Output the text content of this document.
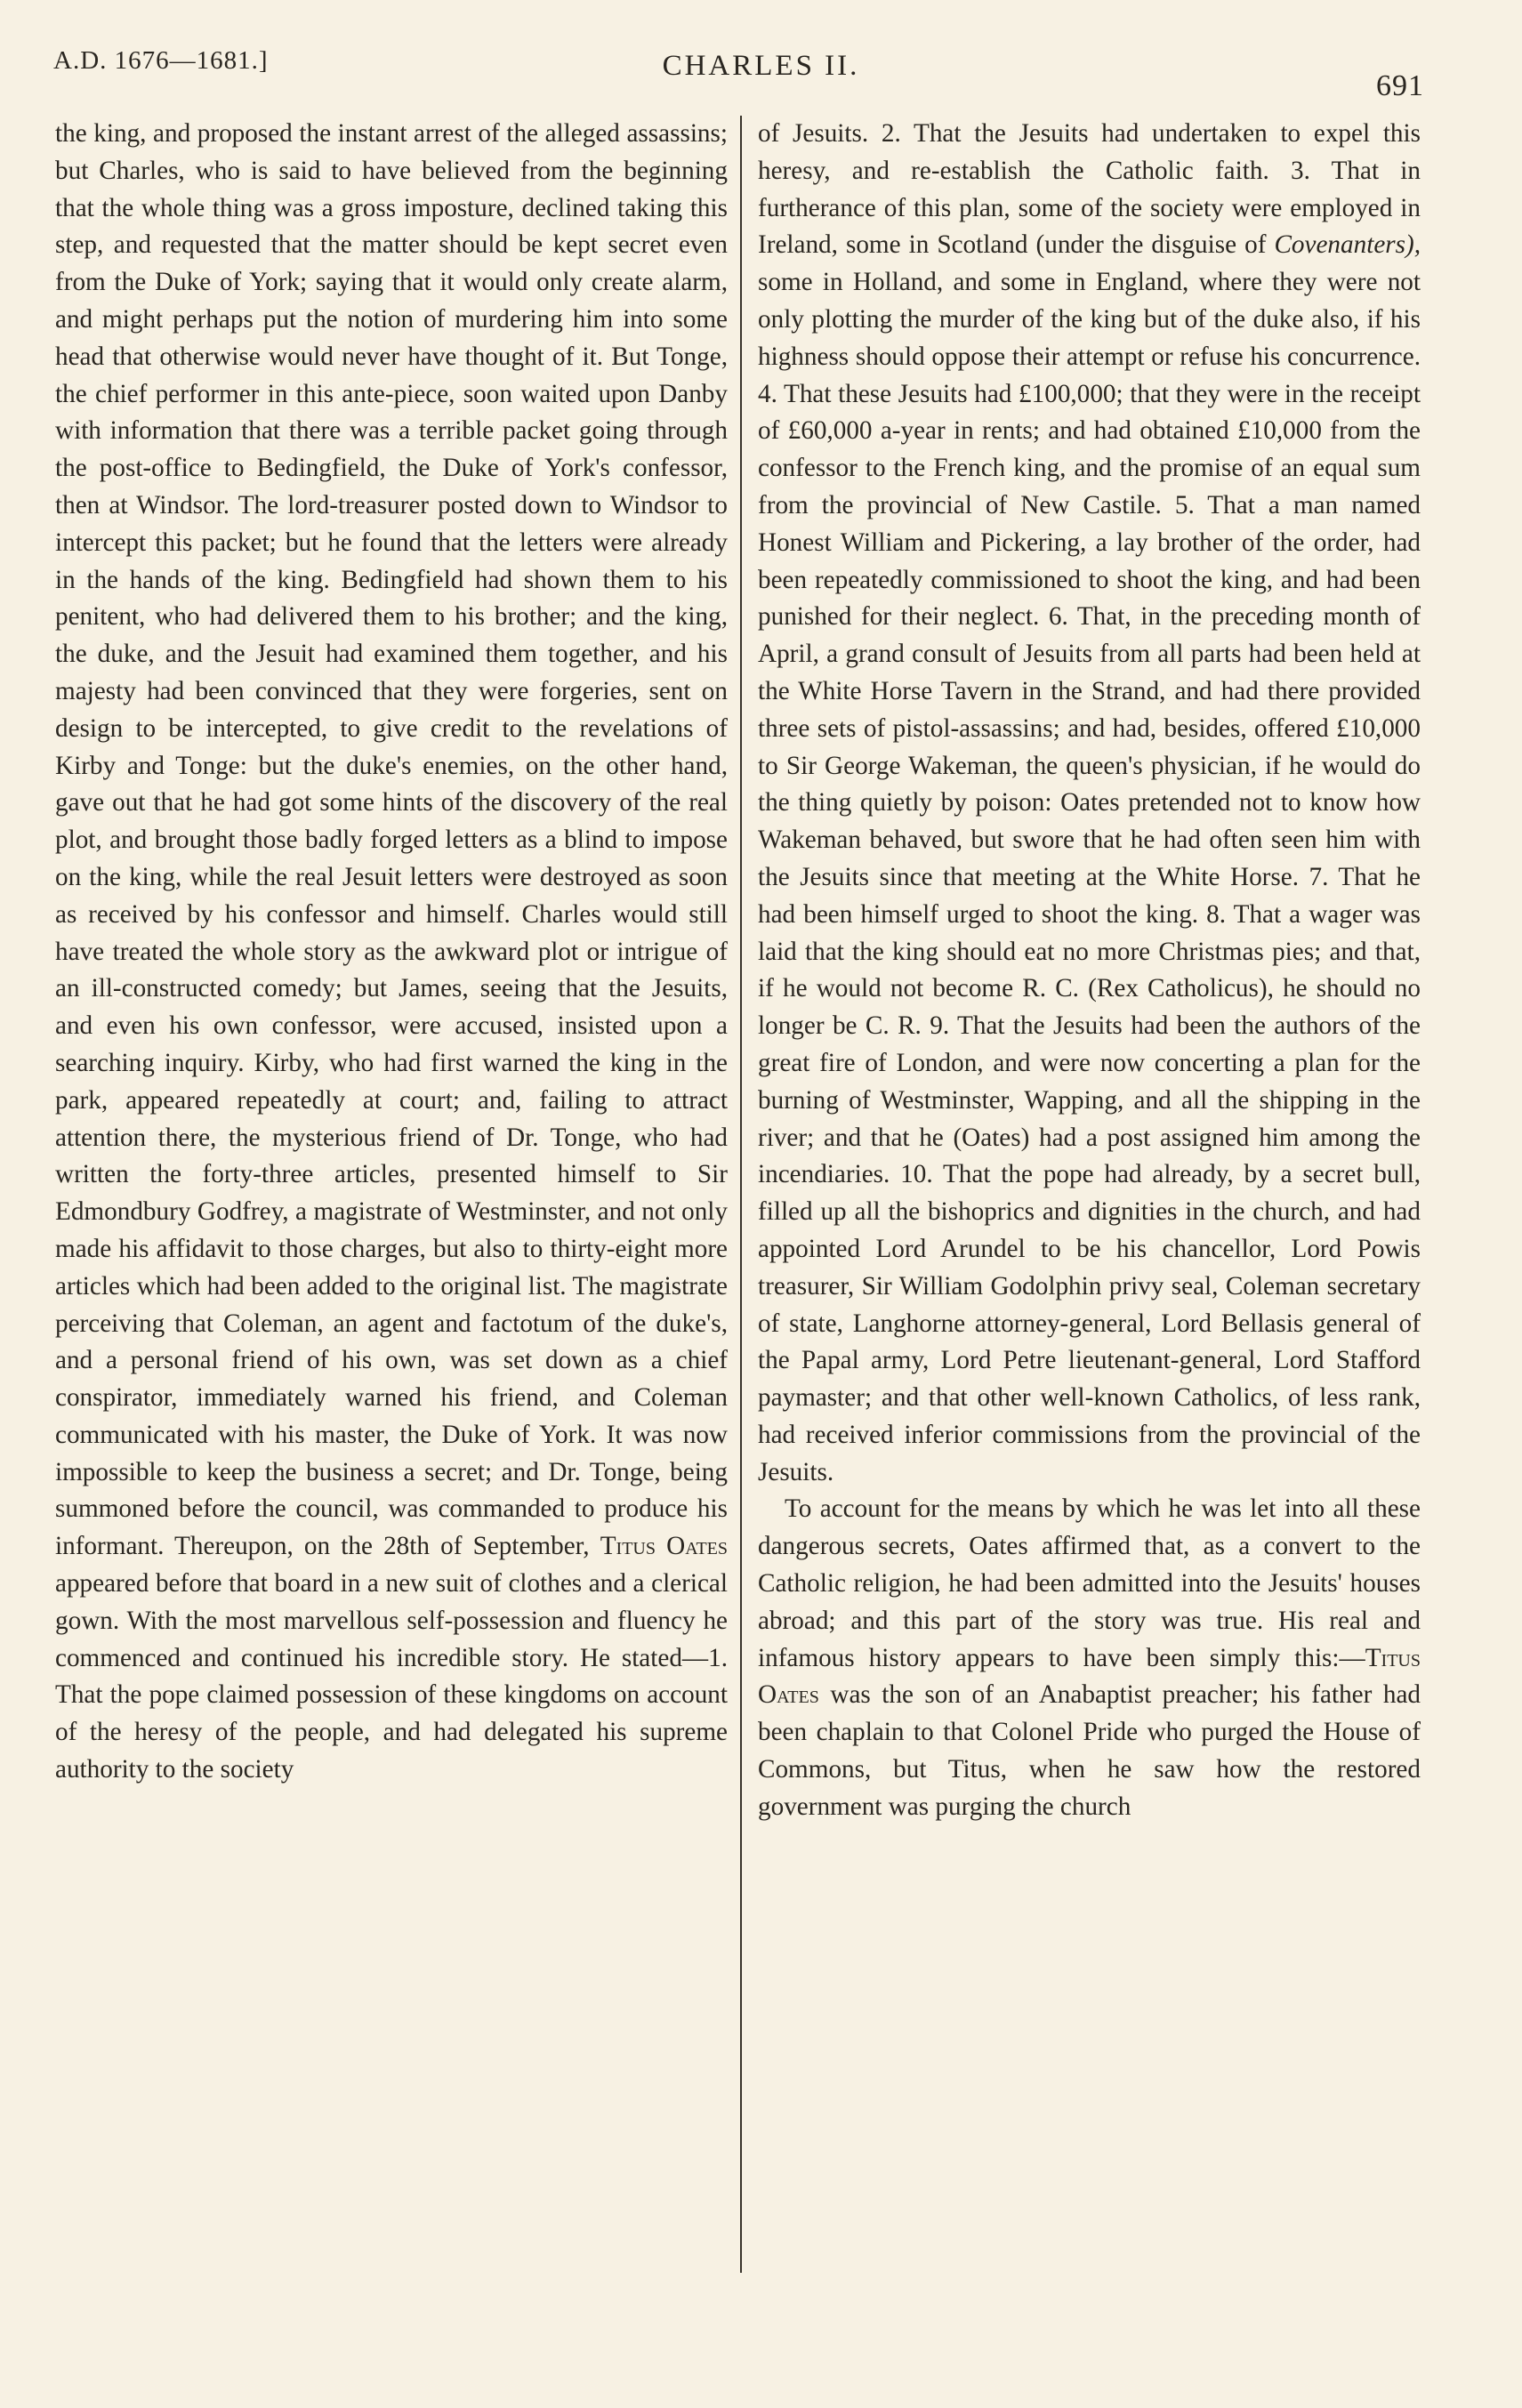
A.D. 1676—1681.]	CHARLES II.
691

the king, and proposed the instant arrest of the alleged assassins; but Charles, who is said to have believed from the beginning that the whole thing was a gross imposture, declined taking this step, and requested that the matter should be kept secret even from the Duke of York; saying that it would only create alarm, and might perhaps put the notion of murdering him into some head that otherwise would never have thought of it. But Tonge, the chief performer in this ante-piece, soon waited upon Danby with information that there was a terrible packet going through the post-office to Bedingfield, the Duke of York's confessor, then at Windsor. The lord-treasurer posted down to Windsor to intercept this packet; but he found that the letters were already in the hands of the king. Bedingfield had shown them to his penitent, who had delivered them to his brother; and the king, the duke, and the Jesuit had examined them together, and his majesty had been convinced that they were forgeries, sent on design to be intercepted, to give credit to the revelations of Kirby and Tonge: but the duke's enemies, on the other hand, gave out that he had got some hints of the discovery of the real plot, and brought those badly forged letters as a blind to impose on the king, while the real Jesuit letters were destroyed as soon as received by his confessor and himself. Charles would still have treated the whole story as the awkward plot or intrigue of an ill-constructed comedy; but James, seeing that the Jesuits, and even his own confessor, were accused, insisted upon a searching inquiry. Kirby, who had first warned the king in the park, appeared repeatedly at court; and, failing to attract attention there, the mysterious friend of Dr. Tonge, who had written the forty-three articles, presented himself to Sir Edmondbury Godfrey, a magistrate of Westminster, and not only made his affidavit to those charges, but also to thirty-eight more articles which had been added to the original list. The magistrate perceiving that Coleman, an agent and factotum of the duke's, and a personal friend of his own, was set down as a chief conspirator, immediately warned his friend, and Coleman communicated with his master, the Duke of York. It was now impossible to keep the business a secret; and Dr. Tonge, being summoned before the council, was commanded to produce his informant. Thereupon, on the 28th of September, Titus Oates appeared before that board in a new suit of clothes and a clerical gown. With the most marvellous self-possession and fluency he commenced and continued his incredible story. He stated—1. That the pope claimed possession of these kingdoms on account of the heresy of the people, and had delegated his supreme authority to the society

of Jesuits. 2. That the Jesuits had undertaken to expel this heresy, and re-establish the Catholic faith. 3. That in furtherance of this plan, some of the society were employed in Ireland, some in Scotland (under the disguise of Covenanters), some in Holland, and some in England, where they were not only plotting the murder of the king but of the duke also, if his highness should oppose their attempt or refuse his concurrence. 4. That these Jesuits had £100,000; that they were in the receipt of £60,000 a-year in rents; and had obtained £10,000 from the confessor to the French king, and the promise of an equal sum from the provincial of New Castile. 5. That a man named Honest William and Pickering, a lay brother of the order, had been repeatedly commissioned to shoot the king, and had been punished for their neglect. 6. That, in the preceding month of April, a grand consult of Jesuits from all parts had been held at the White Horse Tavern in the Strand, and had there provided three sets of pistol-assassins; and had, besides, offered £10,000 to Sir George Wakeman, the queen's physician, if he would do the thing quietly by poison: Oates pretended not to know how Wakeman behaved, but swore that he had often seen him with the Jesuits since that meeting at the White Horse. 7. That he had been himself urged to shoot the king. 8. That a wager was laid that the king should eat no more Christmas pies; and that, if he would not become R. C. (Rex Catholicus), he should no longer be C. R. 9. That the Jesuits had been the authors of the great fire of London, and were now concerting a plan for the burning of Westminster, Wapping, and all the shipping in the river; and that he (Oates) had a post assigned him among the incendiaries. 10. That the pope had already, by a secret bull, filled up all the bishoprics and dignities in the church, and had appointed Lord Arundel to be his chancellor, Lord Powis treasurer, Sir William Godolphin privy seal, Coleman secretary of state, Langhorne attorney-general, Lord Bellasis general of the Papal army, Lord Petre lieutenant-general, Lord Stafford paymaster; and that other well-known Catholics, of less rank, had received inferior commissions from the provincial of the Jesuits.

To account for the means by which he was let into all these dangerous secrets, Oates affirmed that, as a convert to the Catholic religion, he had been admitted into the Jesuits' houses abroad; and this part of the story was true. His real and infamous history appears to have been simply this:—Titus Oates was the son of an Anabaptist preacher; his father had been chaplain to that Colonel Pride who purged the House of Commons, but Titus, when he saw how the restored government was purging the church
